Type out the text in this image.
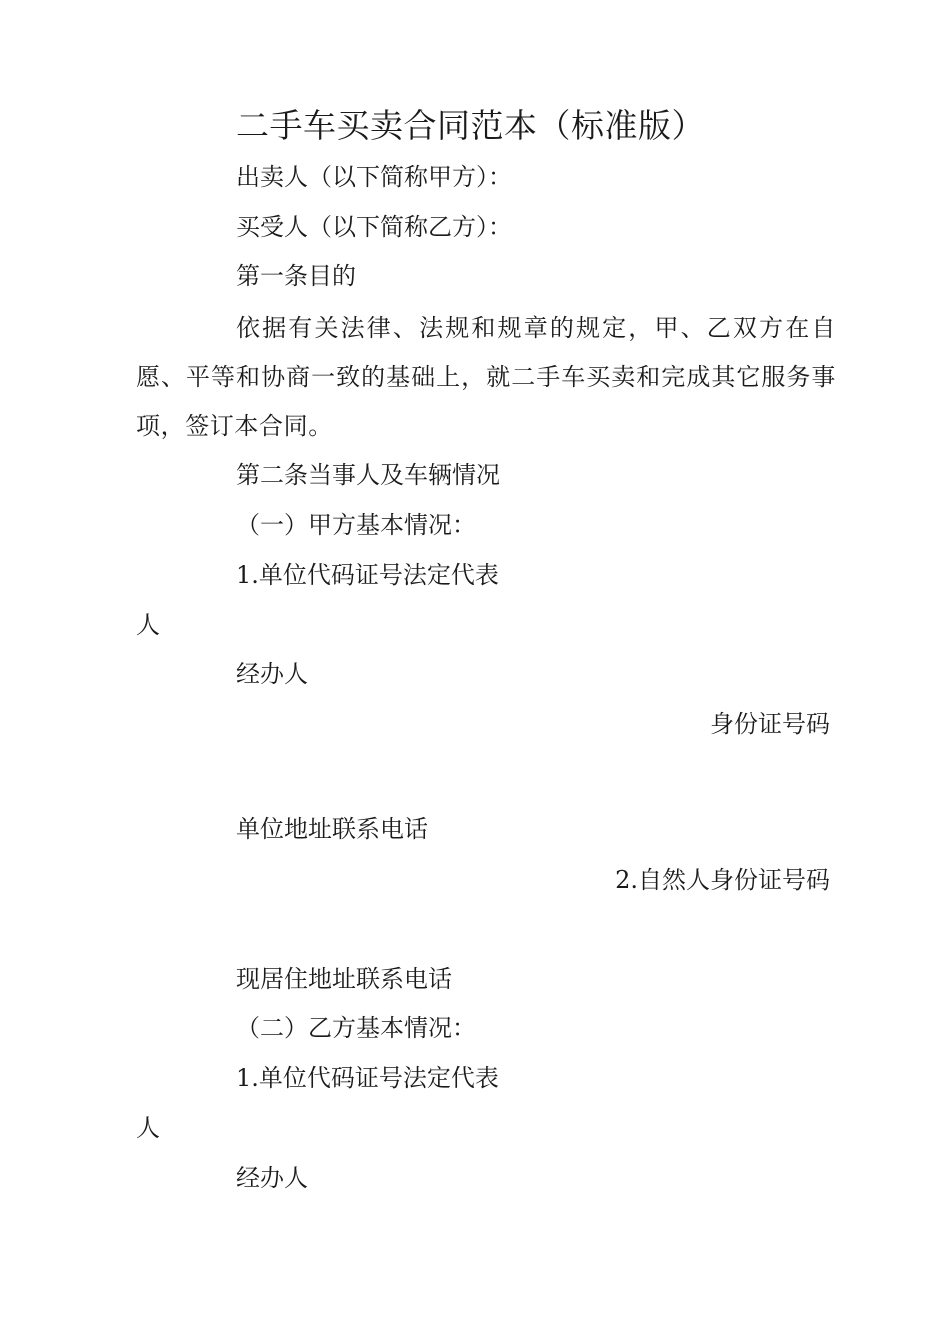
二手车买卖合同范本（标准版）
出卖人（以下简称甲方）：
买受人（以下简称乙方）：
第一条目的
依据有关法律、法规和规章的规定，甲、乙双方在自愿、平等和协商一致的基础上，就二手车买卖和完成其它服务事项，签订本合同。
第二条当事人及车辆情况
（一）甲方基本情况：
1.单位代码证号法定代表
人
经办人
身份证号码
单位地址联系电话
2.自然人身份证号码
现居住地址联系电话
（二）乙方基本情况：
1.单位代码证号法定代表
人
经办人
